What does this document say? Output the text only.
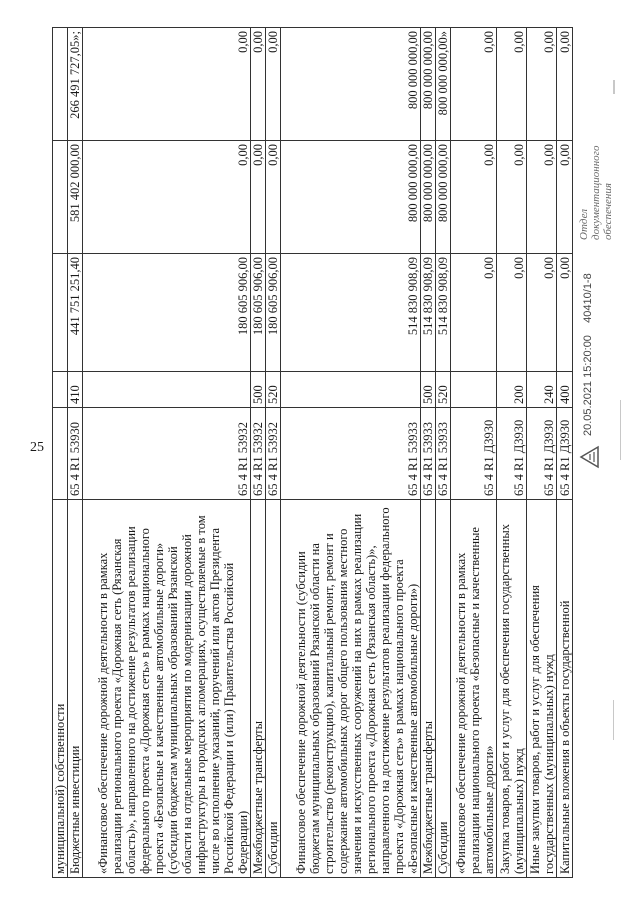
25
муниципальной) собственности					
Бюджетные инвестиции	65 4 R1 53930	410	441 751 251,40	581 402 000,00	266 491 727,05»;
«Финансовое обеспечение дорожной деятельности в рамках реализации регионального проекта «Дорожная сеть (Рязанская область)», направленного на достижение результатов реализации федерального проекта «Дорожная сеть» в рамках национального проекта «Безопасные и качественные автомобильные дороги» (субсидии бюджетам муниципальных образований Рязанской области на отдельные мероприятия по модернизации дорожной инфраструктуры в городских агломерациях, осуществляемые в том числе во исполнение указаний, поручений или актов Президента Российской Федерации и (или) Правительства Российской Федерации)	65 4 R1 53932		180 605 906,00	0,00	0,00
Межбюджетные трансферты	65 4 R1 53932	500	180 605 906,00	0,00	0,00
Субсидии	65 4 R1 53932	520	180 605 906,00	0,00	0,00
Финансовое обеспечение дорожной деятельности (субсидии бюджетам муниципальных образований Рязанской области на строительство (реконструкцию), капитальный ремонт, ремонт и содержание автомобильных дорог общего пользования местного значения и искусственных сооружений на них в рамках реализации регионального проекта «Дорожная сеть (Рязанская область)», направленного на достижение результатов реализации федерального проекта «Дорожная сеть» в рамках национального проекта «Безопасные и качественные автомобильные дороги»)	65 4 R1 53933		514 830 908,09	800 000 000,00	800 000 000,00
Межбюджетные трансферты	65 4 R1 53933	500	514 830 908,09	800 000 000,00	800 000 000,00
Субсидии	65 4 R1 53933	520	514 830 908,09	800 000 000,00	800 000 000,00»
«Финансовое обеспечение дорожной деятельности в рамках реализации национального проекта «Безопасные и качественные автомобильные дороги»	65 4 R1 Д3930		0,00	0,00	0,00
Закупка товаров, работ и услуг для обеспечения государственных (муниципальных) нужд	65 4 R1 Д3930	200	0,00	0,00	0,00
Иные закупки товаров, работ и услуг для обеспечения государственных (муниципальных) нужд	65 4 R1 Д3930	240	0,00	0,00	0,00
Капитальные вложения в объекты государственной	65 4 R1 Д3930	400	0,00	0,00	0,00
20.05.2021 15:20:00    40410/1-8
Отдел документационного обеспечения
